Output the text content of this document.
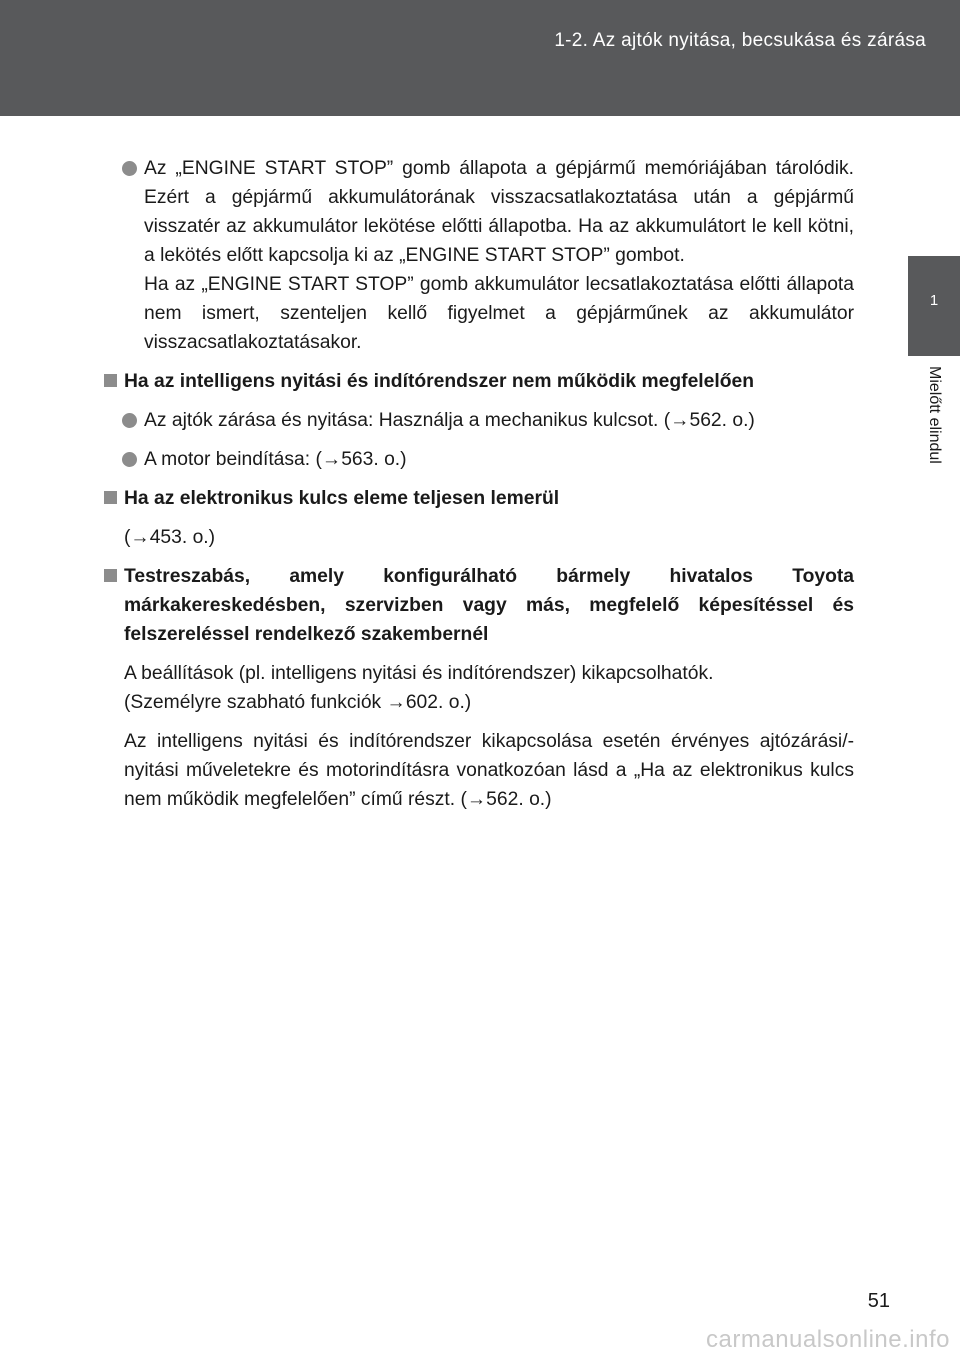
1-2. Az ajtók nyitása, becsukása és zárása
1
Mielőtt elindul

Az „ENGINE START STOP” gomb állapota a gépjármű memóriájában tárolódik. Ezért a gépjármű akkumulátorának visszacsatlakoztatása után a gépjármű visszatér az akkumulátor lekötése előtti állapotba. Ha az akkumulátort le kell kötni, a lekötés előtt kapcsolja ki az „ENGINE START STOP” gombot.

Ha az „ENGINE START STOP” gomb akkumulátor lecsatlakoztatása előtti állapota nem ismert, szenteljen kellő figyelmet a gépjárműnek az akkumulátor visszacsatlakoztatásakor.

Ha az intelligens nyitási és indítórendszer nem működik megfelelően

Az ajtók zárása és nyitása: Használja a mechanikus kulcsot. (→562. o.)

A motor beindítása: (→563. o.)

Ha az elektronikus kulcs eleme teljesen lemerül

(→453. o.)

Testreszabás, amely konfigurálható bármely hivatalos Toyota márkakereskedésben, szervizben vagy más, megfelelő képesítéssel és felszereléssel rendelkező szakembernél

A beállítások (pl. intelligens nyitási és indítórendszer) kikapcsolhatók.

(Személyre szabható funkciók →602. o.)

Az intelligens nyitási és indítórendszer kikapcsolása esetén érvényes ajtózárási/-nyitási műveletekre és motorindításra vonatkozóan lásd a „Ha az elektronikus kulcs nem működik megfelelően” című részt. (→562. o.)

51
carmanualsonline.info
